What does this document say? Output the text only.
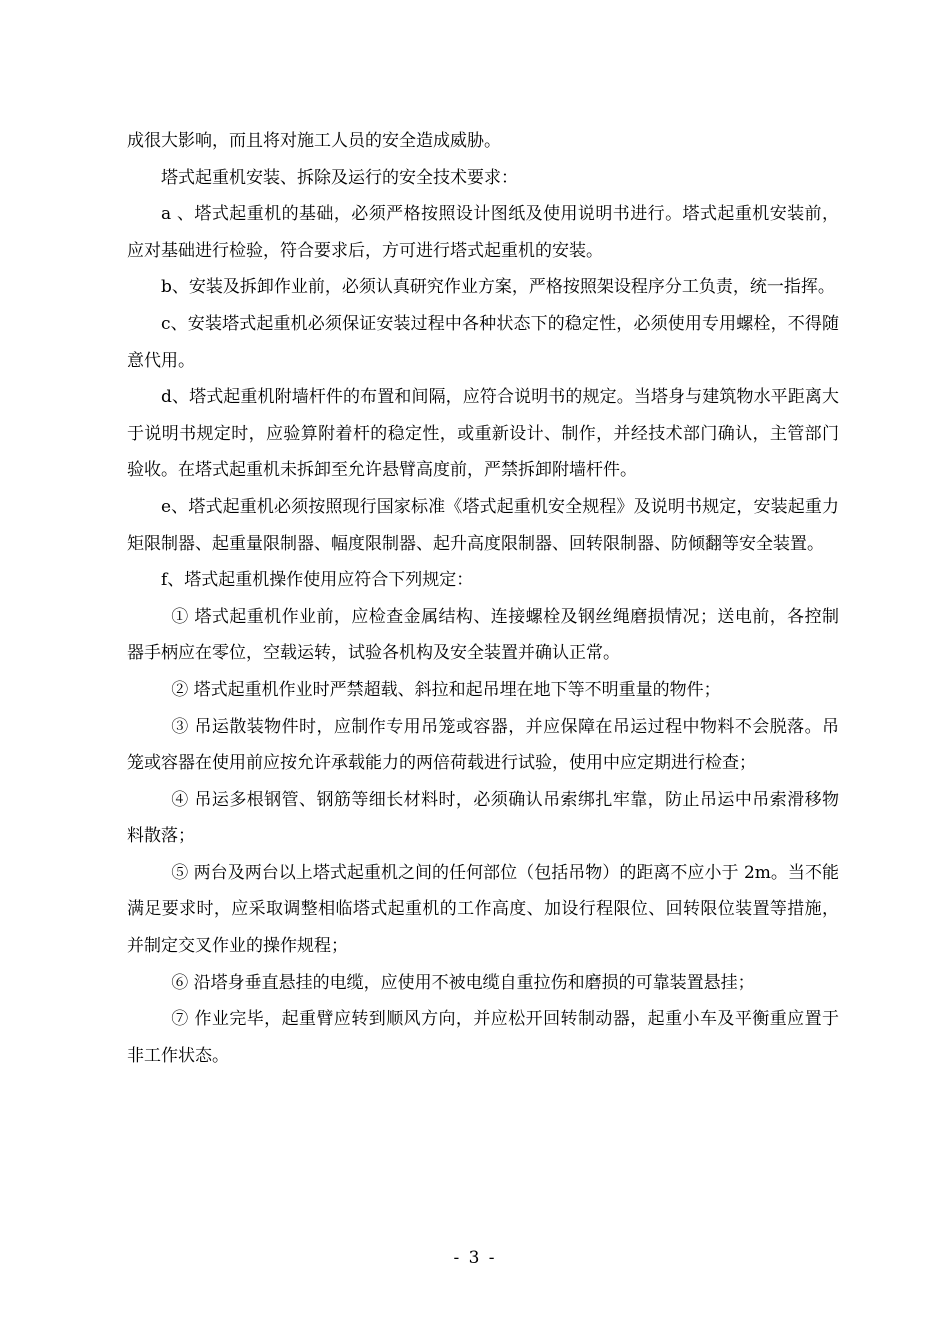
成很大影响，而且将对施工人员的安全造成威胁。

塔式起重机安装、拆除及运行的安全技术要求：

a 、塔式起重机的基础，必须严格按照设计图纸及使用说明书进行。塔式起重机安装前，应对基础进行检验，符合要求后，方可进行塔式起重机的安装。

b、安装及拆卸作业前，必须认真研究作业方案，严格按照架设程序分工负责，统一指挥。

c、安装塔式起重机必须保证安装过程中各种状态下的稳定性，必须使用专用螺栓，不得随意代用。

d、塔式起重机附墙杆件的布置和间隔，应符合说明书的规定。当塔身与建筑物水平距离大于说明书规定时，应验算附着杆的稳定性，或重新设计、制作，并经技术部门确认，主管部门验收。在塔式起重机未拆卸至允许悬臂高度前，严禁拆卸附墙杆件。

e、塔式起重机必须按照现行国家标准《塔式起重机安全规程》及说明书规定，安装起重力矩限制器、起重量限制器、幅度限制器、起升高度限制器、回转限制器、防倾翻等安全装置。

f、塔式起重机操作使用应符合下列规定：

① 塔式起重机作业前，应检查金属结构、连接螺栓及钢丝绳磨损情况；送电前，各控制器手柄应在零位，空载运转，试验各机构及安全装置并确认正常。

② 塔式起重机作业时严禁超载、斜拉和起吊埋在地下等不明重量的物件；

③ 吊运散装物件时，应制作专用吊笼或容器，并应保障在吊运过程中物料不会脱落。吊笼或容器在使用前应按允许承载能力的两倍荷载进行试验，使用中应定期进行检查；

④ 吊运多根钢管、钢筋等细长材料时，必须确认吊索绑扎牢靠，防止吊运中吊索滑移物料散落；

⑤ 两台及两台以上塔式起重机之间的任何部位（包括吊物）的距离不应小于 2m。当不能满足要求时，应采取调整相临塔式起重机的工作高度、加设行程限位、回转限位装置等措施，并制定交叉作业的操作规程；

⑥ 沿塔身垂直悬挂的电缆，应使用不被电缆自重拉伤和磨损的可靠装置悬挂；

⑦ 作业完毕，起重臂应转到顺风方向，并应松开回转制动器，起重小车及平衡重应置于非工作状态。

- 3 -
